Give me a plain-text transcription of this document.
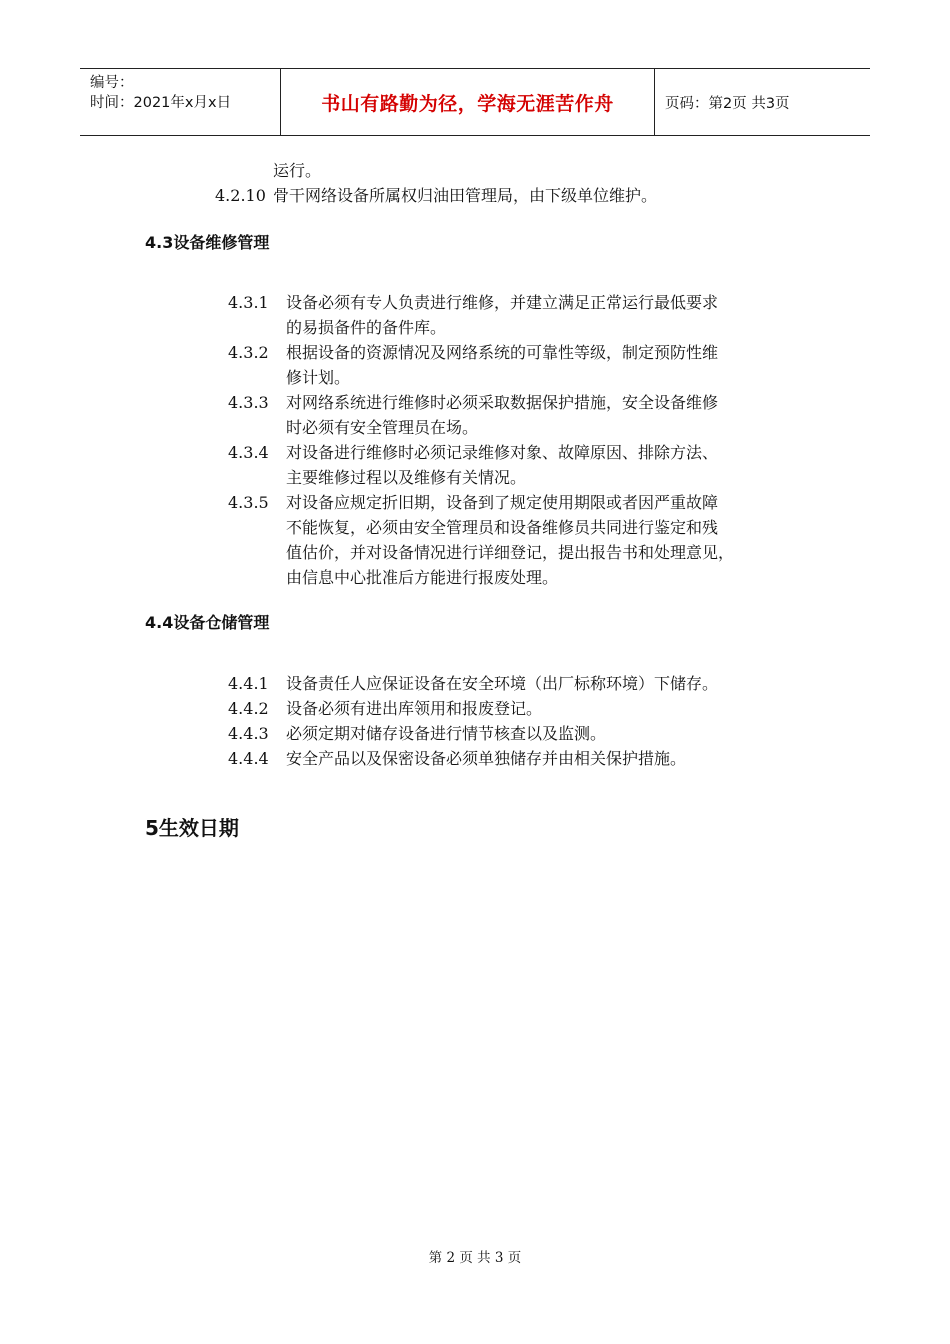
编号：
时间：2021年x月x日	书山有路勤为径，学海无涯苦作舟	页码：第2页 共3页
运行。
4.2.10 骨干网络设备所属权归油田管理局，由下级单位维护。
4.3设备维修管理
4.3.1 设备必须有专人负责进行维修，并建立满足正常运行最低要求
的易损备件的备件库。
4.3.2 根据设备的资源情况及网络系统的可靠性等级，制定预防性维
修计划。
4.3.3 对网络系统进行维修时必须采取数据保护措施，安全设备维修
时必须有安全管理员在场。
4.3.4 对设备进行维修时必须记录维修对象、故障原因、排除方法、
主要维修过程以及维修有关情况。
4.3.5 对设备应规定折旧期，设备到了规定使用期限或者因严重故障
不能恢复，必须由安全管理员和设备维修员共同进行鉴定和残
值估价，并对设备情况进行详细登记，提出报告书和处理意见，
由信息中心批准后方能进行报废处理。
4.4设备仓储管理
4.4.1 设备责任人应保证设备在安全环境（出厂标称环境）下储存。
4.4.2 设备必须有进出库领用和报废登记。
4.4.3 必须定期对储存设备进行情节核查以及监测。
4.4.4 安全产品以及保密设备必须单独储存并由相关保护措施。
5生效日期
第 2 页 共 3 页
